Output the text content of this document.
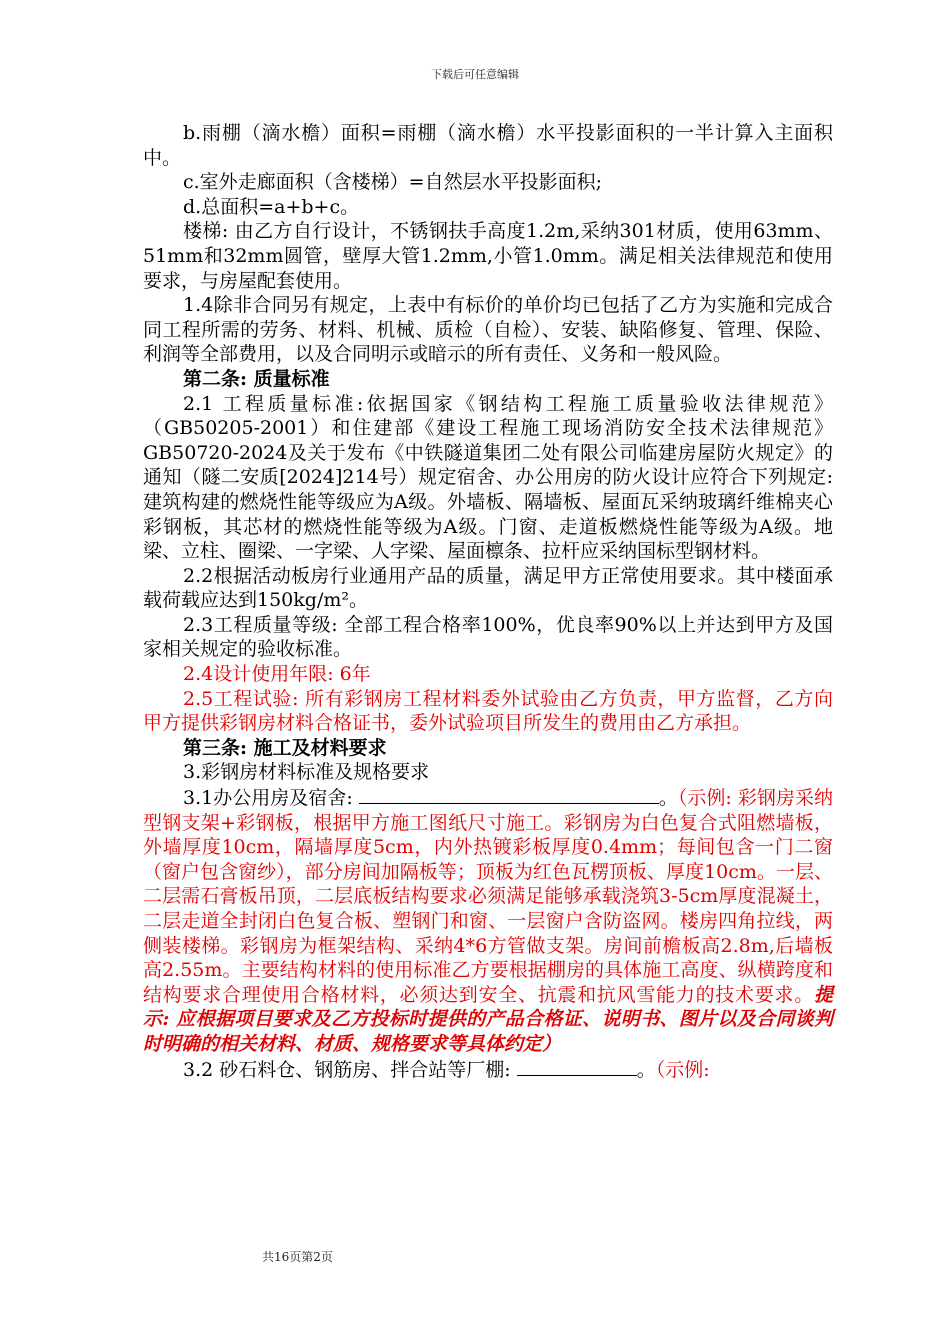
下载后可任意编辑

b.雨棚（滴水檐）面积=雨棚（滴水檐）水平投影面积的一半计算入主面积中。

c.室外走廊面积（含楼梯）=自然层水平投影面积;

d.总面积=a+b+c。

楼梯: 由乙方自行设计，不锈钢扶手高度1.2m,采纳301材质，使用63mm、51mm和32mm圆管，壁厚大管1.2mm,小管1.0mm。满足相关法律规范和使用要求，与房屋配套使用。

1.4除非合同另有规定，上表中有标价的单价均已包括了乙方为实施和完成合同工程所需的劳务、材料、机械、质检（自检）、安装、缺陷修复、管理、保险、利润等全部费用，以及合同明示或暗示的所有责任、义务和一般风险。

第二条: 质量标准

2.1 工程质量标准:依据国家《钢结构工程施工质量验收法律规范》（GB50205-2001）和住建部《建设工程施工现场消防安全技术法律规范》GB50720-2024及关于发布《中铁隧道集团二处有限公司临建房屋防火规定》的通知（隧二安质[2024]214号）规定宿舍、办公用房的防火设计应符合下列规定: 建筑构建的燃烧性能等级应为A级。外墙板、隔墙板、屋面瓦采纳玻璃纤维棉夹心彩钢板，其芯材的燃烧性能等级为A级。门窗、走道板燃烧性能等级为A级。地梁、立柱、圈梁、一字梁、人字梁、屋面檩条、拉杆应采纳国标型钢材料。

2.2根据活动板房行业通用产品的质量，满足甲方正常使用要求。其中楼面承载荷载应达到150kg/m²。

2.3工程质量等级: 全部工程合格率100%，优良率90%以上并达到甲方及国家相关规定的验收标准。

2.4设计使用年限: 6年

2.5工程试验: 所有彩钢房工程材料委外试验由乙方负责，甲方监督，乙方向甲方提供彩钢房材料合格证书，委外试验项目所发生的费用由乙方承担。

第三条: 施工及材料要求

3.彩钢房材料标准及规格要求

3.1办公用房及宿舍:	。（示例: 彩钢房采纳型钢支架+彩钢板，根据甲方施工图纸尺寸施工。彩钢房为白色复合式阻燃墙板，外墙厚度10cm，隔墙厚度5cm，内外热镀彩板厚度0.4mm；每间包含一门二窗（窗户包含窗纱），部分房间加隔板等；顶板为红色瓦楞顶板、厚度10cm。一层、二层需石膏板吊顶，二层底板结构要求必须满足能够承载浇筑3-5cm厚度混凝土，二层走道全封闭白色复合板、塑钢门和窗、一层窗户含防盗网。楼房四角拉线，两侧装楼梯。彩钢房为框架结构、采纳4*6方管做支架。房间前檐板高2.8m,后墙板高2.55m。主要结构材料的使用标准乙方要根据棚房的具体施工高度、纵横跨度和结构要求合理使用合格材料，必须达到安全、抗震和抗风雪能力的技术要求。提示: 应根据项目要求及乙方投标时提供的产品合格证、说明书、图片以及合同谈判时明确的相关材料、材质、规格要求等具体约定）

3.2 砂石料仓、钢筋房、拌合站等厂棚:	。（示例:

共16页第2页
